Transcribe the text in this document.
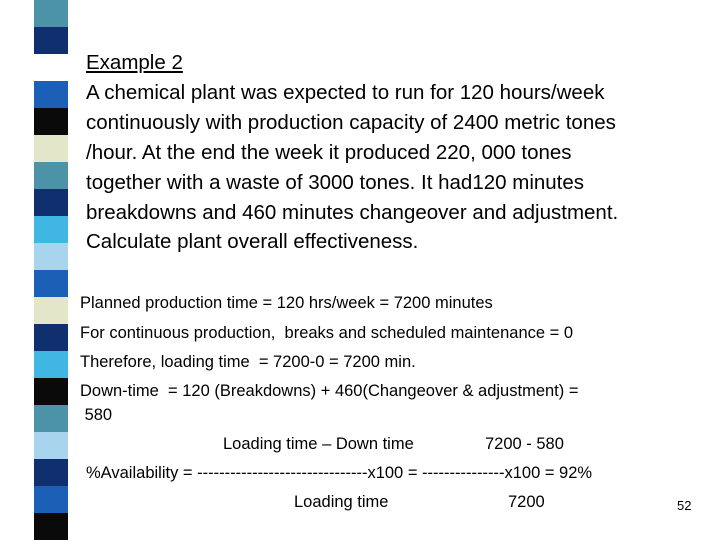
Example 2
A chemical plant was expected to run for 120 hours/week
continuously with production capacity of 2400 metric tones
/hour. At the end the week it produced 220, 000 tones
together with a waste of 3000 tones. It had120 minutes
breakdowns and 460 minutes changeover and adjustment.
Calculate plant overall effectiveness.
Planned production time = 120 hrs/week = 7200 minutes
For continuous production,  breaks and scheduled maintenance = 0
Therefore, loading time  = 7200-0 = 7200 min.
Down-time  = 120 (Breakdowns) + 460(Changeover & adjustment) =
580
Loading time – Down time	7200 - 580
%Availability = -------------------------------x100 = ---------------x100 = 92%
Loading time	7200	52
